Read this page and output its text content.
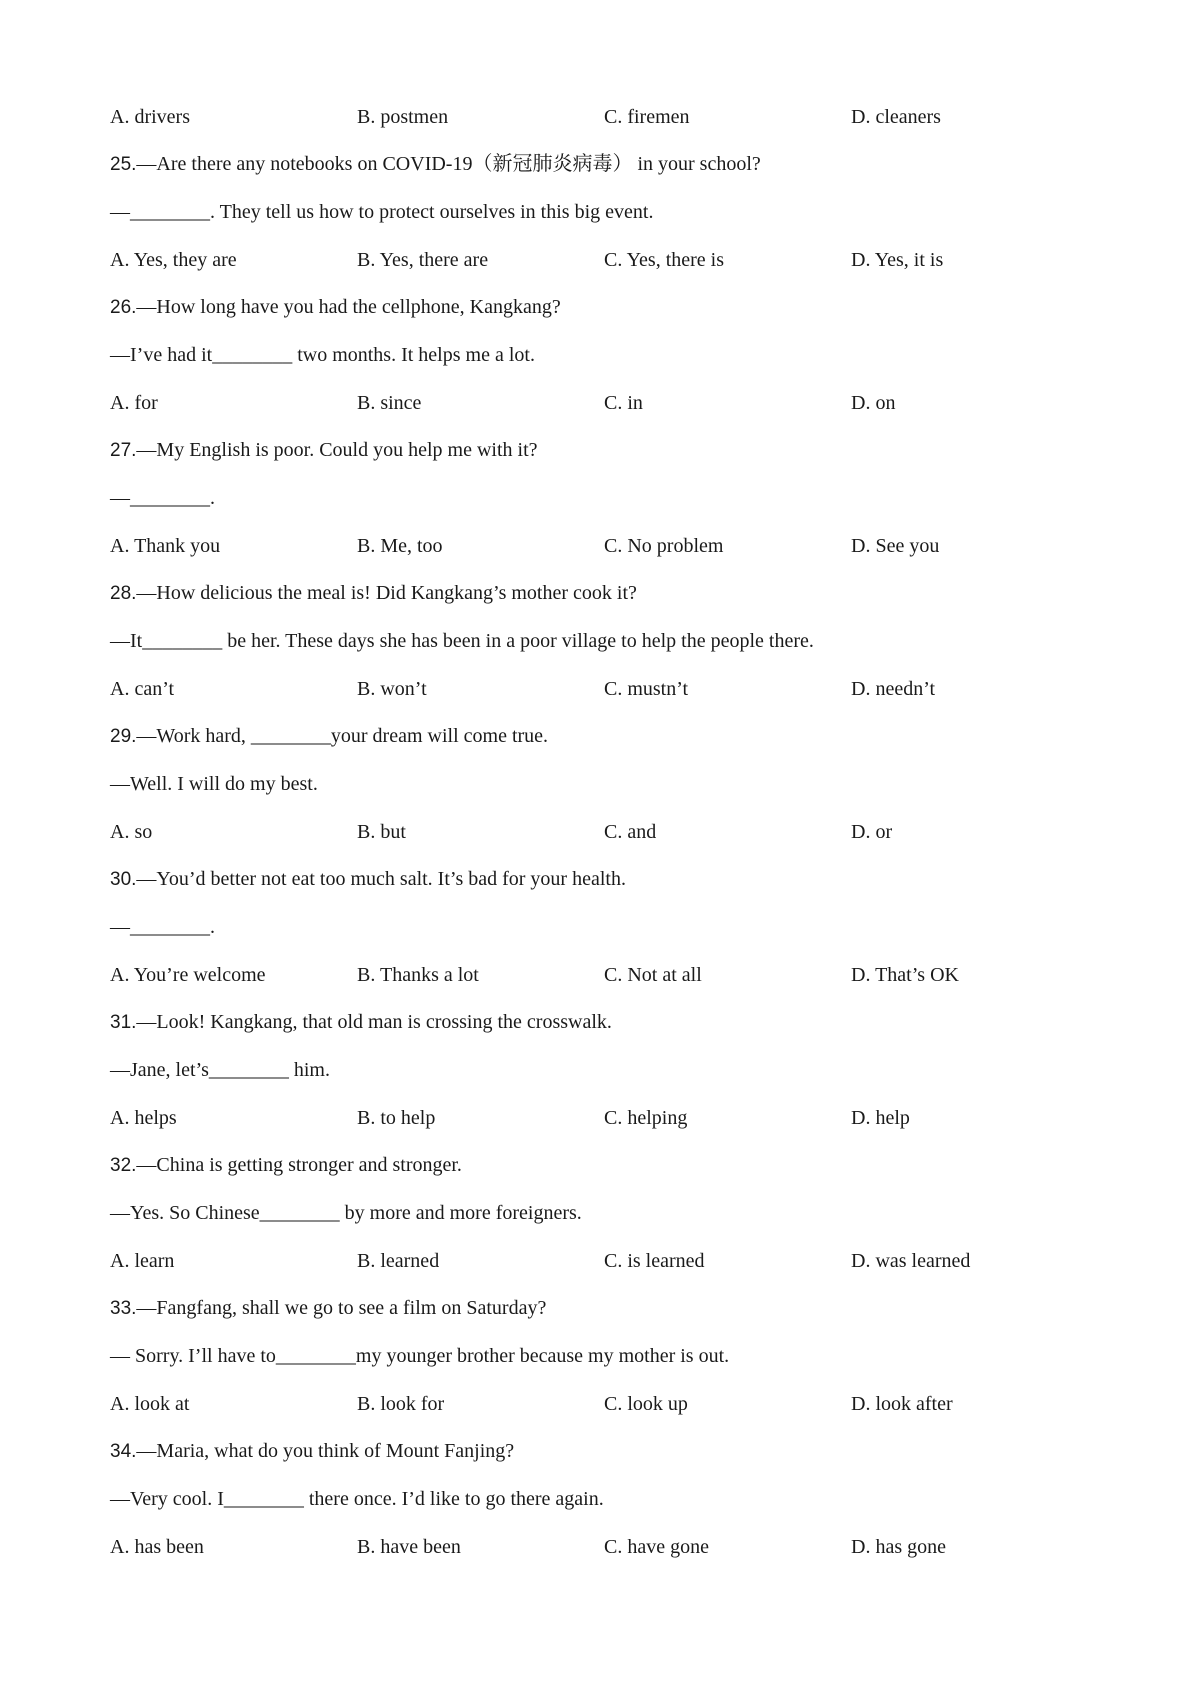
A. drivers	B. postmen	C. firemen	D. cleaners
25.—Are there any notebooks on COVID-19（新冠肺炎病毒） in your school?
—________. They tell us how to protect ourselves in this big event.
A. Yes, they are	B. Yes, there are	C. Yes, there is	D. Yes, it is
26.—How long have you had the cellphone, Kangkang?
—I’ve had it________ two months. It helps me a lot.
A. for	B. since	C. in	D. on
27.—My English is poor. Could you help me with it?
—________.
A. Thank you	B. Me, too	C. No problem	D. See you
28.—How delicious the meal is! Did Kangkang’s mother cook it?
—It________ be her. These days she has been in a poor village to help the people there.
A. can’t	B. won’t	C. mustn’t	D. needn’t
29.—Work hard, ________your dream will come true.
—Well. I will do my best.
A. so	B. but	C. and	D. or
30.—You’d better not eat too much salt. It’s bad for your health.
—________.
A. You’re welcome	B. Thanks a lot	C. Not at all	D. That’s OK
31.—Look! Kangkang, that old man is crossing the crosswalk.
—Jane, let’s________ him.
A. helps	B. to help	C. helping	D. help
32.—China is getting stronger and stronger.
—Yes. So Chinese________ by more and more foreigners.
A. learn	B. learned	C. is learned	D. was learned
33.—Fangfang, shall we go to see a film on Saturday?
— Sorry. I’ll have to________my younger brother because my mother is out.
A. look at	B. look for	C. look up	D. look after
34.—Maria, what do you think of Mount Fanjing?
—Very cool. I________ there once. I’d like to go there again.
A. has been	B. have been	C. have gone	D. has gone
